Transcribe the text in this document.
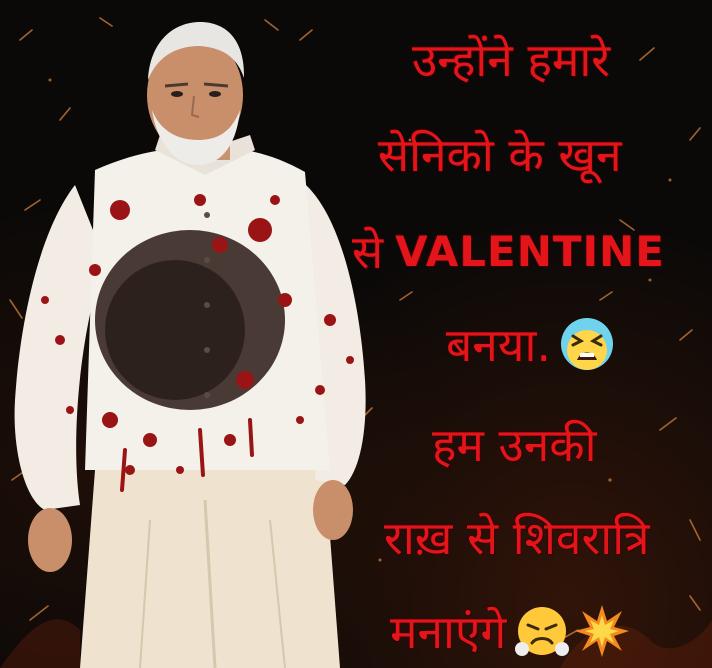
उन्होंने हमारे
सेनिको के खून
से VALENTINE
बनया.
हम उनकी
राख़ से शिवरात्रि
मनाएंगे
